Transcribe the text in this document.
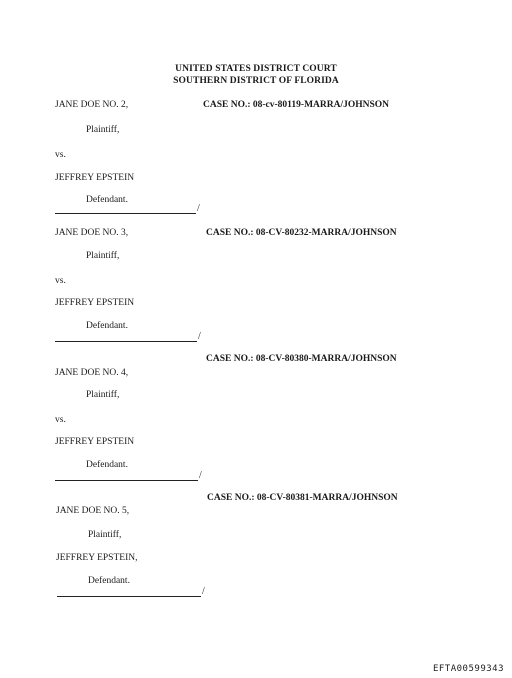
UNITED STATES DISTRICT COURT
SOUTHERN DISTRICT OF FLORIDA
JANE DOE NO. 2,	CASE NO.: 08-cv-80119-MARRA/JOHNSON
Plaintiff,
vs.
JEFFREY EPSTEIN
Defendant.
/
JANE DOE NO. 3,	CASE NO.: 08-CV-80232-MARRA/JOHNSON
Plaintiff,
vs.
JEFFREY EPSTEIN
Defendant.
/
CASE NO.: 08-CV-80380-MARRA/JOHNSON
JANE DOE NO. 4,
Plaintiff,
vs.
JEFFREY EPSTEIN
Defendant.
/
CASE NO.: 08-CV-80381-MARRA/JOHNSON
JANE DOE NO. 5,
Plaintiff,
JEFFREY EPSTEIN,
Defendant.
/
EFTA00599343
